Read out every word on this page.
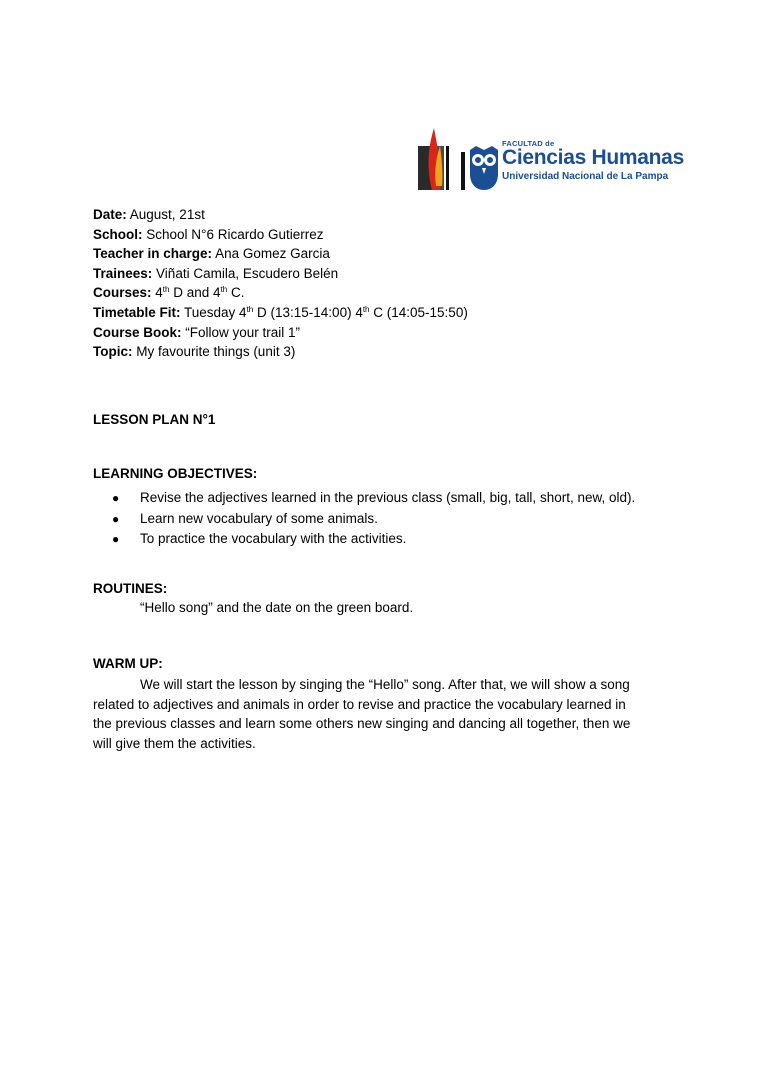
FACULTAD de
Ciencias Humanas
Universidad Nacional de La Pampa
Date: August, 21st
School: School N°6 Ricardo Gutierrez
Teacher in charge: Ana Gomez Garcia
Trainees: Viñati Camila, Escudero Belén
Courses: 4th D and 4th C.
Timetable Fit: Tuesday 4th D (13:15-14:00) 4th C (14:05-15:50)
Course Book: “Follow your trail 1”
Topic: My favourite things (unit 3)
LESSON PLAN N°1
LEARNING OBJECTIVES:
● Revise the adjectives learned in the previous class (small, big, tall, short, new, old).
● Learn new vocabulary of some animals.
● To practice the vocabulary with the activities.
ROUTINES:
“Hello song” and the date on the green board.
WARM UP:
We will start the lesson by singing the “Hello” song. After that, we will show a song
related to adjectives and animals in order to revise and practice the vocabulary learned in
the previous classes and learn some others new singing and dancing all together, then we
will give them the activities.
